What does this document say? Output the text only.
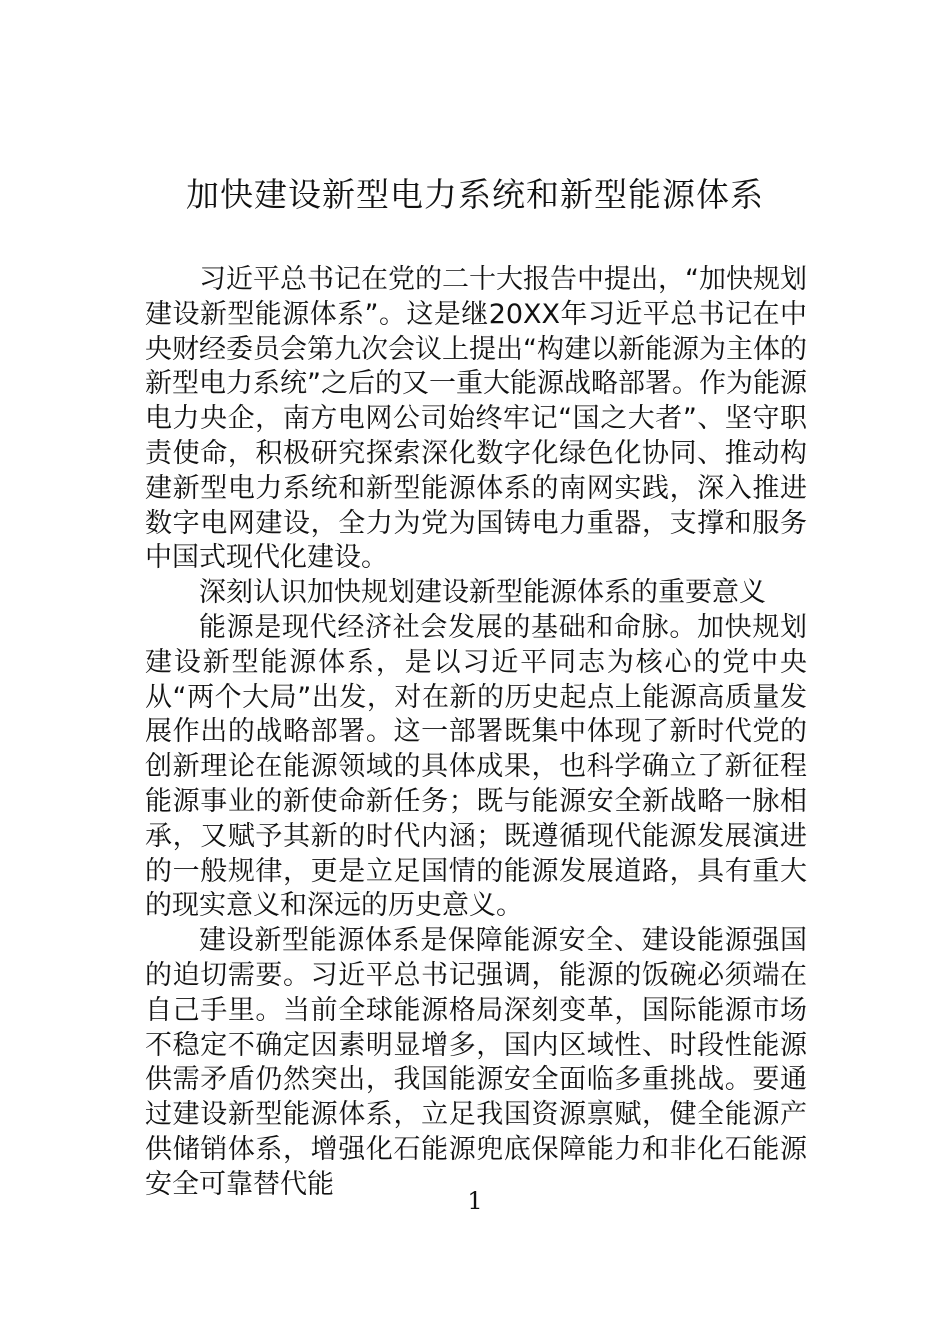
加快建设新型电力系统和新型能源体系

习近平总书记在党的二十大报告中提出，“加快规划建设新型能源体系”。这是继20XX年习近平总书记在中央财经委员会第九次会议上提出“构建以新能源为主体的新型电力系统”之后的又一重大能源战略部署。作为能源电力央企，南方电网公司始终牢记“国之大者”、坚守职责使命，积极研究探索深化数字化绿色化协同、推动构建新型电力系统和新型能源体系的南网实践，深入推进数字电网建设，全力为党为国铸电力重器，支撑和服务中国式现代化建设。

深刻认识加快规划建设新型能源体系的重要意义

能源是现代经济社会发展的基础和命脉。加快规划建设新型能源体系，是以习近平同志为核心的党中央从“两个大局”出发，对在新的历史起点上能源高质量发展作出的战略部署。这一部署既集中体现了新时代党的创新理论在能源领域的具体成果，也科学确立了新征程能源事业的新使命新任务；既与能源安全新战略一脉相承，又赋予其新的时代内涵；既遵循现代能源发展演进的一般规律，更是立足国情的能源发展道路，具有重大的现实意义和深远的历史意义。

建设新型能源体系是保障能源安全、建设能源强国的迫切需要。习近平总书记强调，能源的饭碗必须端在自己手里。当前全球能源格局深刻变革，国际能源市场不稳定不确定因素明显增多，国内区域性、时段性能源供需矛盾仍然突出，我国能源安全面临多重挑战。要通过建设新型能源体系，立足我国资源禀赋，健全能源产供储销体系，增强化石能源兜底保障能力和非化石能源安全可靠替代能

1
